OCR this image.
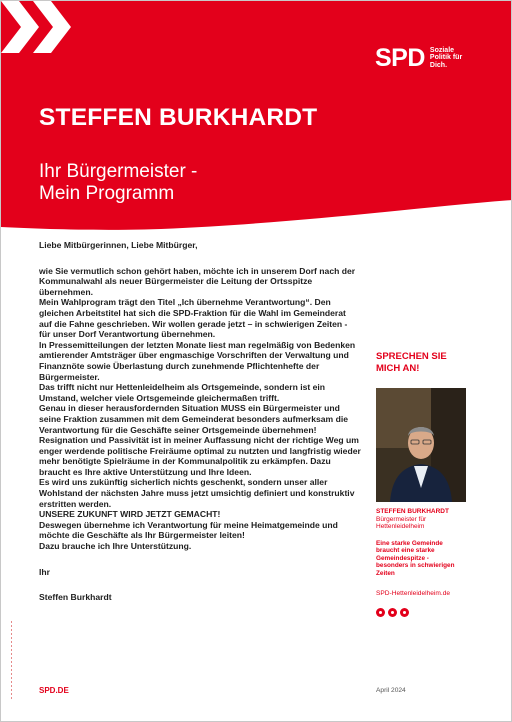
SPD Soziale
Politik für
Dich.
STEFFEN BURKHARDT
Ihr Bürgermeister -
Mein Programm
Liebe Mitbürgerinnen, Liebe Mitbürger,
wie Sie vermutlich schon gehört haben, möchte ich in unserem Dorf nach der Kommunalwahl als neuer Bürgermeister die Leitung der Ortsspitze übernehmen.
Mein Wahlprogram trägt den Titel „Ich übernehme Verantwortung“. Den gleichen Arbeitstitel hat sich die SPD-Fraktion für die Wahl im Gemeinderat auf die Fahne geschrieben. Wir wollen gerade jetzt – in schwierigen Zeiten - für unser Dorf Verantwortung übernehmen.
In Pressemitteilungen der letzten Monate liest man regelmäßig von Bedenken amtierender Amtsträger über engmaschige Vorschriften der Verwaltung und Finanznöte sowie Überlastung durch zunehmende Pflichtenhefte der Bürgermeister.
Das trifft nicht nur Hettenleidelheim als Ortsgemeinde, sondern ist ein Umstand, welcher viele Ortsgemeinde gleichermaßen trifft.
Genau in dieser herausfordernden Situation MUSS ein Bürgermeister und seine Fraktion zusammen mit dem Gemeinderat besonders aufmerksam die Verantwortung für die Geschäfte seiner Ortsgemeinde übernehmen!
Resignation und Passivität ist in meiner Auffassung nicht der richtige Weg um enger werdende politische Freiräume optimal zu nutzten und langfristig wieder mehr benötigte Spielräume in der Kommunalpolitik zu erkämpfen. Dazu braucht es Ihre aktive Unterstützung und Ihre Ideen.
Es wird uns zukünftig sicherlich nichts geschenkt, sondern unser aller Wohlstand der nächsten Jahre muss jetzt umsichtig definiert und konstruktiv erstritten werden.
UNSERE ZUKUNFT WIRD JETZT GEMACHT!
Deswegen übernehme ich Verantwortung für meine Heimatgemeinde und möchte die Geschäfte als Ihr Bürgermeister leiten!
Dazu brauche ich Ihre Unterstützung.
Ihr
Steffen Burkhardt
SPRECHEN SIE
MICH AN!
STEFFEN BURKHARDT
Bürgermeister für
Hettenleidelheim
Eine starke Gemeinde
braucht eine starke
Gemeindespitze -
besonders in schwierigen
Zeiten
SPD-Hettenleidelheim.de
SPD.DE	April 2024
